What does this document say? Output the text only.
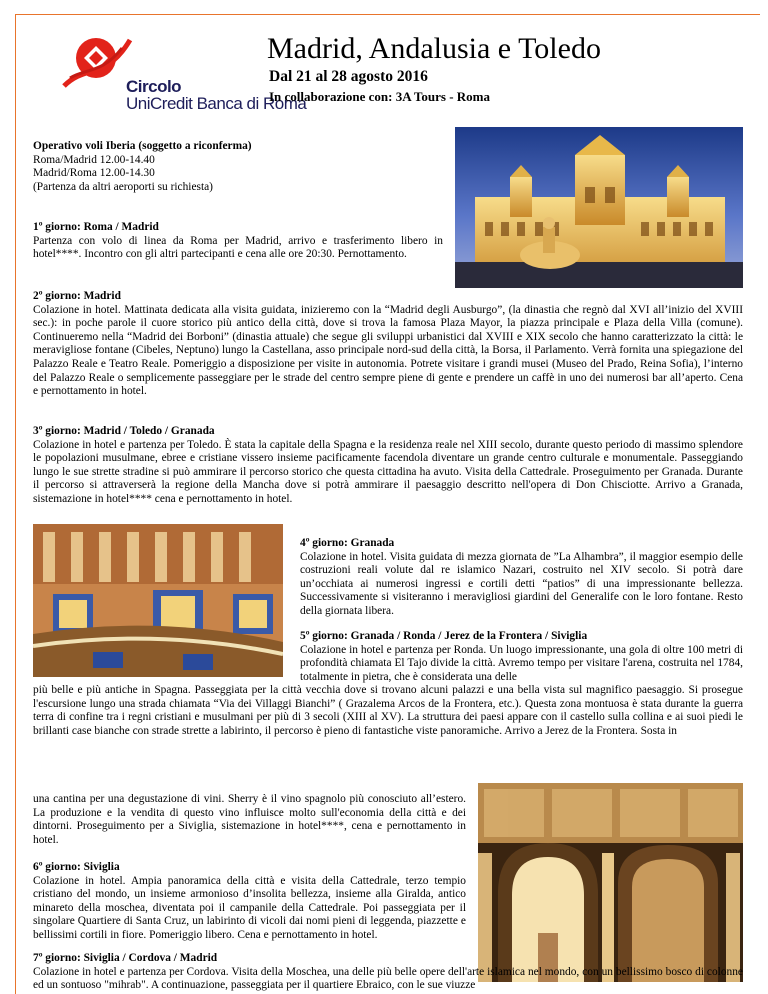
Circolo
UniCredit Banca di Roma
Madrid, Andalusia e Toledo
Dal 21 al 28 agosto 2016
In collaborazione con: 3A Tours - Roma

Operativo voli Iberia (soggetto a riconferma)

Roma/Madrid 12.00-14.40

Madrid/Roma 12.00-14.30

(Partenza da altri aeroporti su richiesta)

1º giorno: Roma / Madrid

Partenza con volo di linea da Roma per Madrid, arrivo e trasferimento libero in hotel****. Incontro con gli altri partecipanti e cena alle ore 20:30. Pernottamento.

2º giorno: Madrid

Colazione in hotel. Mattinata dedicata alla visita guidata, inizieremo con la “Madrid degli Ausburgo”, (la dinastia che regnò dal XVI all’inizio del XVIII sec.): in poche parole il cuore storico più antico della città, dove si trova la famosa Plaza Mayor, la piazza principale e Plaza della Villa (comune). Continueremo nella “Madrid dei Borboni” (dinastia attuale) che segue gli sviluppi urbanistici dal XVIII e XIX secolo che hanno caratterizzato la città: le meravigliose fontane (Cibeles, Neptuno) lungo la Castellana, asso principale nord-sud della città, la Borsa, il Parlamento. Verrà fornita una spiegazione del Palazzo Reale e Teatro Reale. Pomeriggio a disposizione per visite in autonomia. Potrete visitare i grandi musei (Museo del Prado, Reina Sofia), l’interno del Palazzo Reale o semplicemente passeggiare per le strade del centro sempre piene di gente e prendere un caffè in uno dei numerosi bar all’aperto. Cena e pernottamento in hotel.

3º giorno: Madrid / Toledo / Granada

Colazione in hotel e partenza per Toledo. È stata la capitale della Spagna e la residenza reale nel XIII secolo, durante questo periodo di massimo splendore le popolazioni musulmane, ebree e cristiane vissero insieme pacificamente facendola diventare un grande centro culturale e monumentale. Passeggiando lungo le sue strette stradine si può ammirare il percorso storico che questa cittadina ha avuto. Visita della Cattedrale. Proseguimento per Granada. Durante il percorso si attraverserà la regione della Mancha dove si potrà ammirare il paesaggio descritto nell'opera di Don Chisciotte. Arrivo a Granada, sistemazione in hotel**** cena e pernottamento in hotel.

4º giorno: Granada

Colazione in hotel. Visita guidata di mezza giornata de ”La Alhambra”, il maggior esempio delle costruzioni reali volute dal re islamico Nazari, costruito nel XIV secolo. Si potrà dare un’occhiata ai numerosi ingressi e cortili detti “patios” di una impressionante bellezza. Successivamente si visiteranno i meravigliosi giardini del Generalife con le loro fontane. Resto della giornata libera.

5º giorno: Granada / Ronda / Jerez de la Frontera / Siviglia

Colazione in hotel e partenza per Ronda. Un luogo impressionante, una gola di oltre 100 metri di profondità chiamata El Tajo divide la città. Avremo tempo per visitare l'arena, costruita nel 1784, totalmente in pietra, che è considerata una delle

più belle e più antiche in Spagna. Passeggiata per la città vecchia dove si trovano alcuni palazzi e una bella vista sul magnifico paesaggio. Si prosegue l'escursione lungo una strada chiamata “Via dei Villaggi Bianchi” ( Grazalema Arcos de la Frontera, etc.). Questa zona montuosa è stata durante la guerra terra di confine tra i regni cristiani e musulmani per più di 3 secoli (XIII al XV). La struttura dei paesi appare con il castello sulla collina e ai suoi piedi le brillanti case bianche con strade strette a labirinto, il percorso è pieno di fantastiche viste panoramiche. Arrivo a Jerez de la Frontera. Sosta in

una cantina per una degustazione di vini. Sherry è il vino spagnolo più conosciuto all’estero. La produzione e la vendita di questo vino influisce molto sull'economia della città e dei dintorni. Proseguimento per a Siviglia, sistemazione in hotel****, cena e pernottamento in hotel.

6º giorno: Siviglia

Colazione in hotel. Ampia panoramica della città e visita della Cattedrale, terzo tempio cristiano del mondo, un insieme armonioso d’insolita bellezza, insieme alla Giralda, antico minareto della moschea, diventata poi il campanile della Cattedrale. Poi passeggiata per il singolare Quartiere di Santa Cruz, un labirinto di vicoli dai nomi pieni di leggenda, piazzette e bellissimi cortili in fiore. Pomeriggio libero. Cena e pernottamento in hotel.

7º giorno: Siviglia / Cordova / Madrid

Colazione in hotel e partenza per Cordova. Visita della Moschea, una delle più belle opere dell'arte islamica nel mondo, con un bellissimo bosco di colonne ed un sontuoso "mihrab". A continuazione, passeggiata per il quartiere Ebraico, con le sue viuzze
